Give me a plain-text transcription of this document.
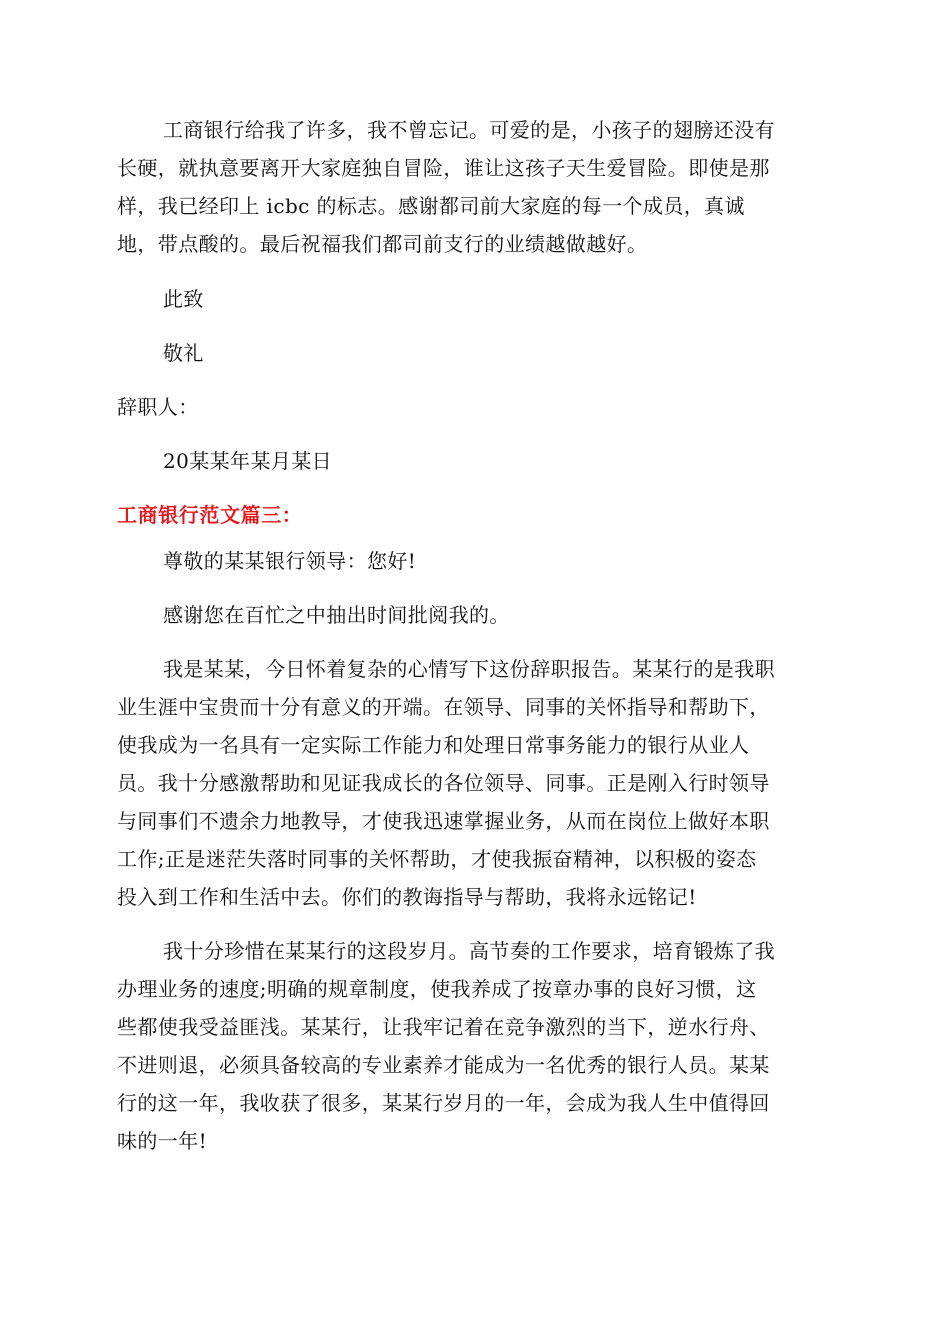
工商银行给我了许多，我不曾忘记。可爱的是，小孩子的翅膀还没有
长硬，就执意要离开大家庭独自冒险，谁让这孩子天生爱冒险。即使是那
样，我已经印上 icbc 的标志。感谢都司前大家庭的每一个成员，真诚
地，带点酸的。最后祝福我们都司前支行的业绩越做越好。
此致
敬礼
辞职人：
20某某年某月某日
工商银行范文篇三：
尊敬的某某银行领导：您好!
感谢您在百忙之中抽出时间批阅我的。
我是某某，今日怀着复杂的心情写下这份辞职报告。某某行的是我职
业生涯中宝贵而十分有意义的开端。在领导、同事的关怀指导和帮助下，
使我成为一名具有一定实际工作能力和处理日常事务能力的银行从业人
员。我十分感激帮助和见证我成长的各位领导、同事。正是刚入行时领导
与同事们不遗余力地教导，才使我迅速掌握业务，从而在岗位上做好本职
工作;正是迷茫失落时同事的关怀帮助，才使我振奋精神，以积极的姿态
投入到工作和生活中去。你们的教诲指导与帮助，我将永远铭记!
我十分珍惜在某某行的这段岁月。高节奏的工作要求，培育锻炼了我
办理业务的速度;明确的规章制度，使我养成了按章办事的良好习惯，这
些都使我受益匪浅。某某行，让我牢记着在竞争激烈的当下，逆水行舟、
不进则退，必须具备较高的专业素养才能成为一名优秀的银行人员。某某
行的这一年，我收获了很多，某某行岁月的一年，会成为我人生中值得回
味的一年!
